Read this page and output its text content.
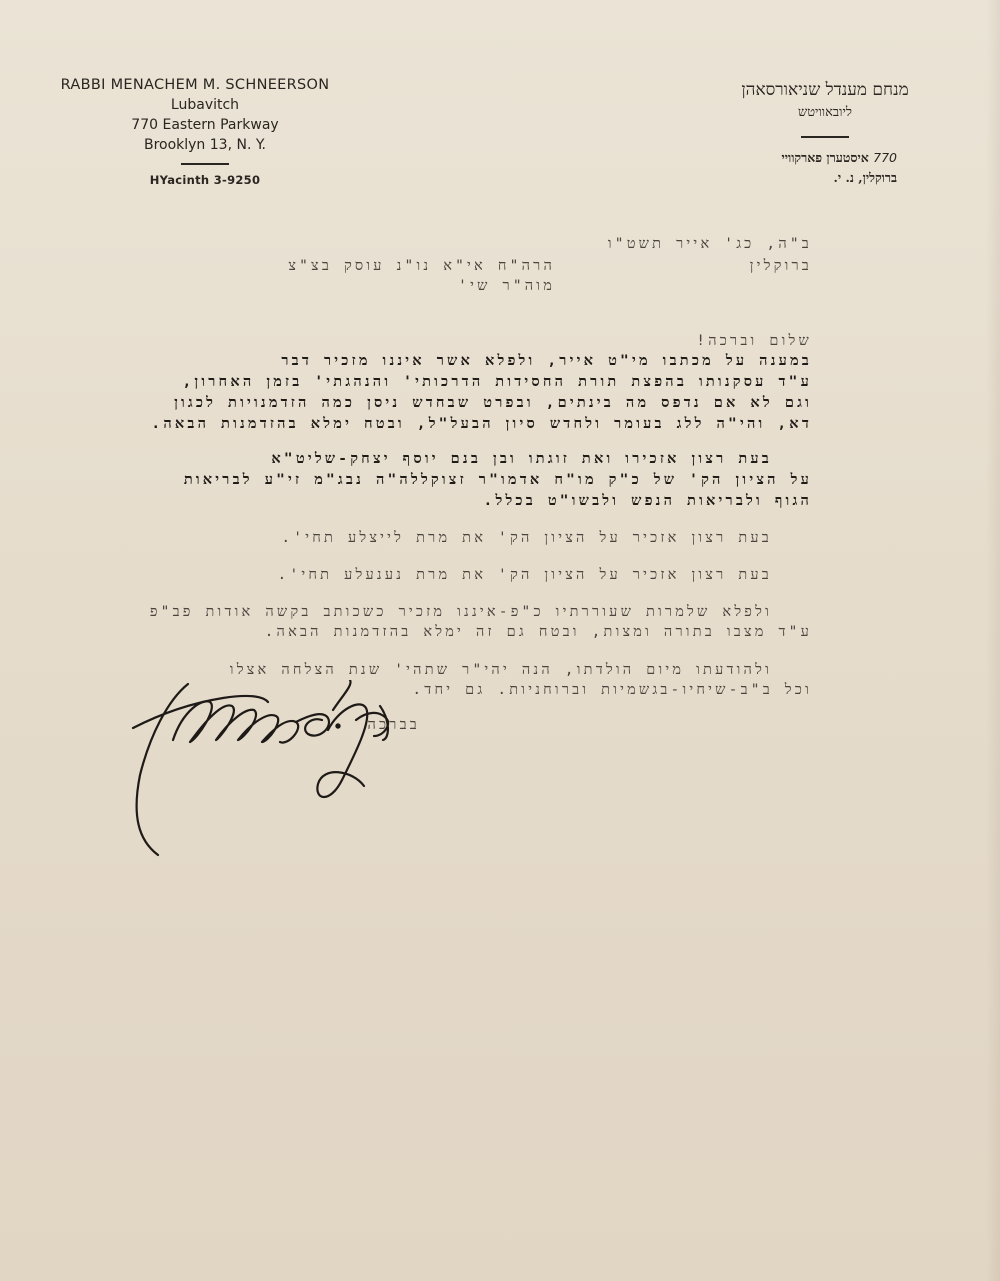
RABBI MENACHEM M. SCHNEERSON
Lubavitch
770 Eastern Parkway
Brooklyn 13, N. Y.
HYacinth 3-9250
מנחם מענדל שניאורסאהן
ליובאוויטש
770 איסטערן פארקוויי
ברוקלין, נ. י.
ב"ה, כג' אייר תשט"ו
ברוקלין
הרה"ח אי"א נו"נ עוסק בצ"צ
מוה"ר שי'
שלום וברכה!
במענה על מכתבו מי"ט אייר, ולפלא אשר איננו מזכיר דבר
ע"ד עסקנותו בהפצת תורת החסידות הדרכותי' והנהגתי' בזמן האחרון,
וגם לא אם נדפס מה בינתים, ובפרט שבחדש ניסן כמה הזדמנויות לכגון
דא, והי"ה ללג בעומר ולחדש סיון הבעל"ל, ובטח ימלא בהזדמנות הבאה.
בעת רצון אזכירו ואת זוגתו ובן בנם יוסף יצחק-שליט"א
על הציון הק' של כ"ק מו"ח אדמו"ר זצוקללה"ה נבג"מ זי"ע לבריאות
הגוף ולבריאות הנפש ולבשו"ט בכלל.
בעת רצון אזכיר על הציון הק' את מרת לייצלע תחי'.
בעת רצון אזכיר על הציון הק' את מרת נענעלע תחי'.
ולפלא שלמרות שעוררתיו כ"פ-איננו מזכיר כשכותב בקשה אודות פב"פ
ע"ד מצבו בתורה ומצות, ובטח גם זה ימלא בהזדמנות הבאה.
ולהודעתו מיום הולדתו, הנה יהי"ר שתהי' שנת הצלחה אצלו
וכל ב"ב-שיחיו-בגשמיות וברוחניות. גם יחד.
בברכה
